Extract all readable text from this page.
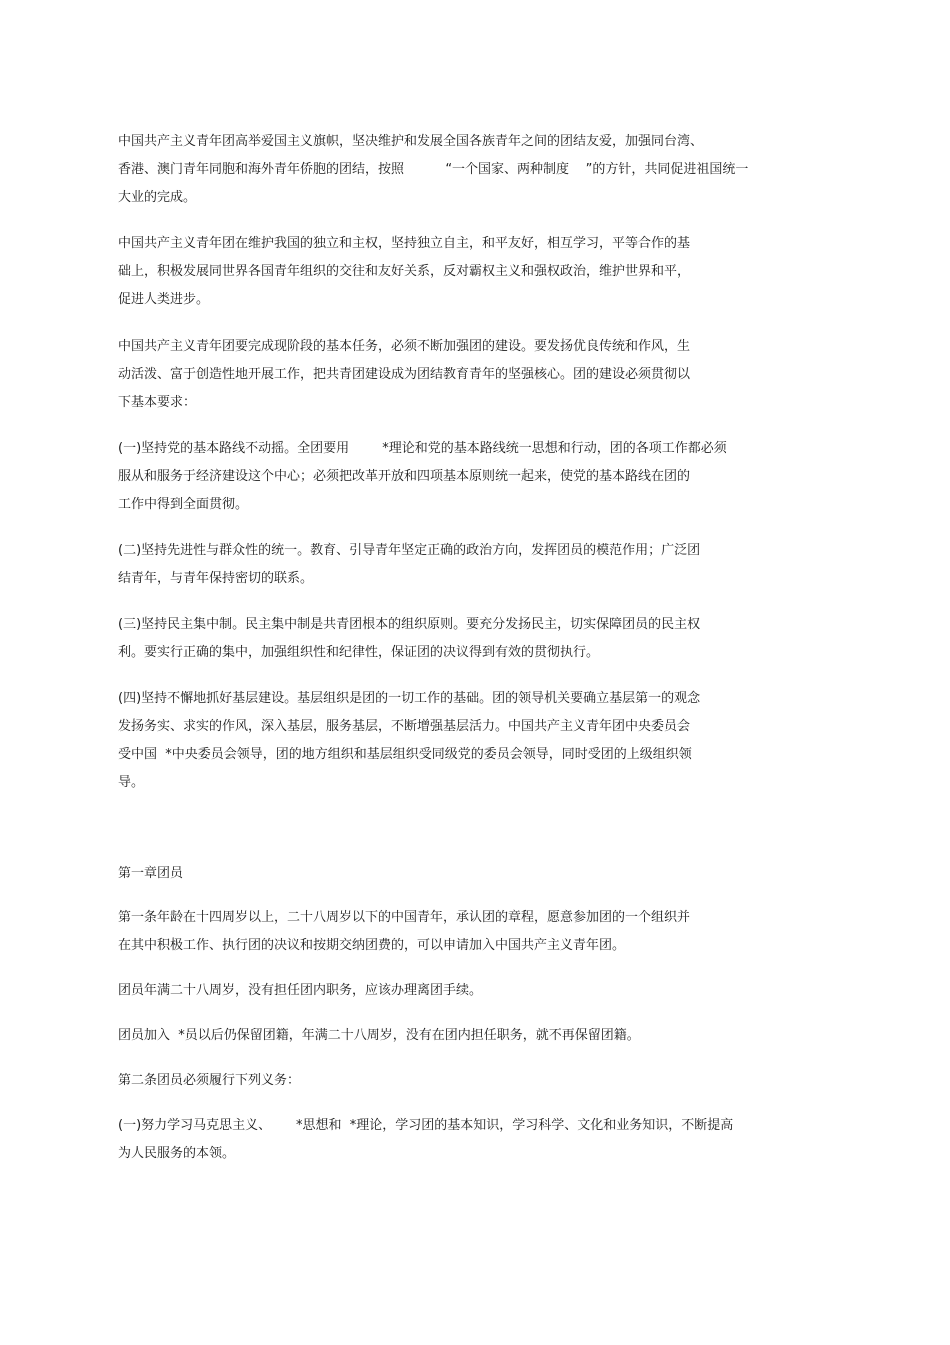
中国共产主义青年团高举爱国主义旗帜，坚决维护和发展全国各族青年之间的团结友爱，加强同台湾、
香港、澳门青年同胞和海外青年侨胞的团结，按照          “一个国家、两种制度    ”的方针，共同促进祖国统一
大业的完成。
中国共产主义青年团在维护我国的独立和主权，坚持独立自主，和平友好，相互学习，平等合作的基
础上，积极发展同世界各国青年组织的交往和友好关系，反对霸权主义和强权政治，维护世界和平，
促进人类进步。
中国共产主义青年团要完成现阶段的基本任务，必须不断加强团的建设。要发扬优良传统和作风，生
动活泼、富于创造性地开展工作，把共青团建设成为团结教育青年的坚强核心。团的建设必须贯彻以
下基本要求：
(一)坚持党的基本路线不动摇。全团要用        *理论和党的基本路线统一思想和行动，团的各项工作都必须
服从和服务于经济建设这个中心；必须把改革开放和四项基本原则统一起来，使党的基本路线在团的
工作中得到全面贯彻。
(二)坚持先进性与群众性的统一。教育、引导青年坚定正确的政治方向，发挥团员的模范作用；广泛团
结青年，与青年保持密切的联系。
(三)坚持民主集中制。民主集中制是共青团根本的组织原则。要充分发扬民主，切实保障团员的民主权
利。要实行正确的集中，加强组织性和纪律性，保证团的决议得到有效的贯彻执行。
(四)坚持不懈地抓好基层建设。基层组织是团的一切工作的基础。团的领导机关要确立基层第一的观念
发扬务实、求实的作风，深入基层，服务基层，不断增强基层活力。中国共产主义青年团中央委员会
受中国  *中央委员会领导，团的地方组织和基层组织受同级党的委员会领导，同时受团的上级组织领
导。
第一章团员
第一条年龄在十四周岁以上，二十八周岁以下的中国青年，承认团的章程，愿意参加团的一个组织并
在其中积极工作、执行团的决议和按期交纳团费的，可以申请加入中国共产主义青年团。
团员年满二十八周岁，没有担任团内职务，应该办理离团手续。
团员加入  *员以后仍保留团籍，年满二十八周岁，没有在团内担任职务，就不再保留团籍。
第二条团员必须履行下列义务：
(一)努力学习马克思主义、      *思想和  *理论，学习团的基本知识，学习科学、文化和业务知识，不断提高
为人民服务的本领。
